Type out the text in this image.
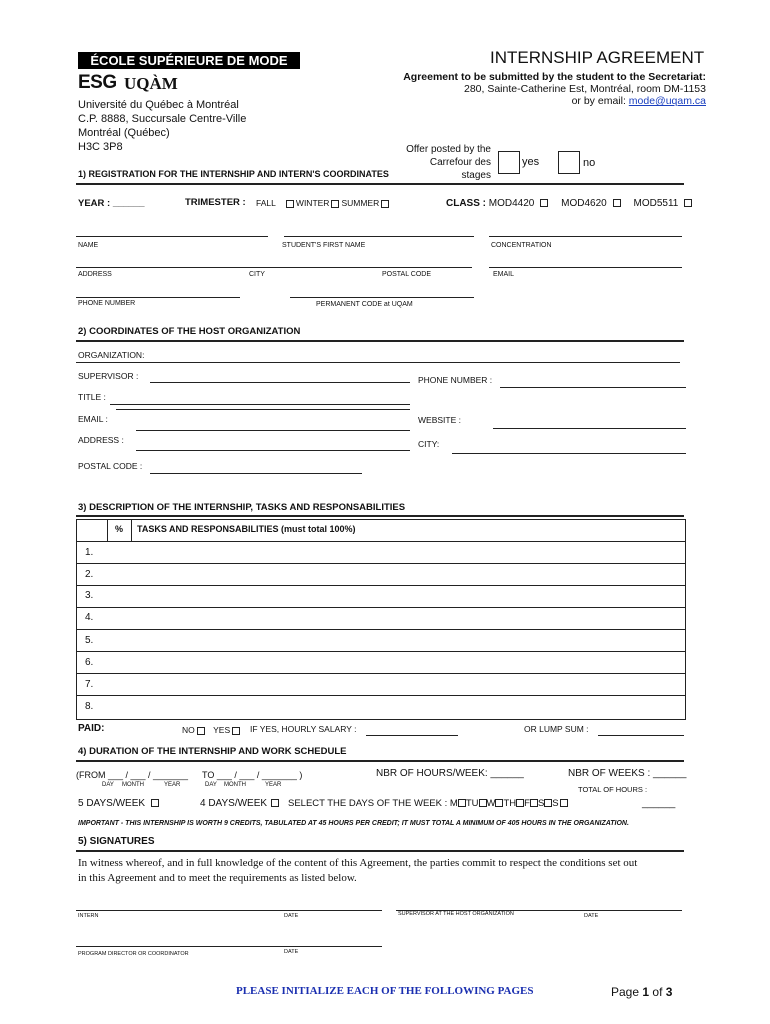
ÉCOLE SUPÉRIEURE DE MODE
ESG UQÀM
Université du Québec à Montréal
C.P. 8888, Succursale Centre-Ville
Montréal (Québec)
H3C 3P8
INTERNSHIP AGREEMENT
Agreement to be submitted by the student to the Secretariat:
280, Sainte-Catherine Est, Montréal, room DM-1153
or by email: mode@uqam.ca
Offer posted by the
Carrefour des stages
yes	no
1) REGISTRATION FOR THE INTERNSHIP AND INTERN'S COORDINATES
YEAR : ______	TRIMESTER : FALL WINTER SUMMER	CLASS : MOD4420	MOD4620	MOD5511
NAME	STUDENT'S FIRST NAME	CONCENTRATION
ADDRESS	CITY	POSTAL CODE	EMAIL
PHONE NUMBER	PERMANENT CODE at UQAM
2) COORDINATES OF THE HOST ORGANIZATION
ORGANIZATION:
SUPERVISOR :	PHONE NUMBER :
TITLE :
EMAIL :	WEBSITE :
ADDRESS :	CITY:
POSTAL CODE :
3) DESCRIPTION OF THE INTERNSHIP, TASKS AND RESPONSABILITIES
% TASKS AND RESPONSABILITIES (must total 100%)
1.
2.
3.
4.
5.
6.
7.
8.
PAID:	NO YES	IF YES, HOURLY SALARY :	OR LUMP SUM :
4) DURATION OF THE INTERNSHIP AND WORK SCHEDULE
(FROM ___ / ___ / _______
DAY MONTH	YEAR
TO ___ / ___ / _______ )
DAY MONTH	YEAR
NBR OF HOURS/WEEK: ______	NBR OF WEEKS : ______
TOTAL OF HOURS :
5 DAYS/WEEK	4 DAYS/WEEK	SELECT THE DAYS OF THE WEEK : M TU W TH F S S	______
IMPORTANT - THIS INTERNSHIP IS WORTH 9 CREDITS, TABULATED AT 45 HOURS PER CREDIT; IT MUST TOTAL A MINIMUM OF 405 HOURS IN THE ORGANIZATION.
5) SIGNATURES
In witness whereof, and in full knowledge of the content of this Agreement, the parties commit to respect the conditions set out
in this Agreement and to meet the requirements as listed below.
INTERN	DATE	SUPERVISOR AT THE HOST ORGANIZATION	DATE
PROGRAM DIRECTOR OR COORDINATOR	DATE
PLEASE INITIALIZE EACH OF THE FOLLOWING PAGES	Page 1 of 3
